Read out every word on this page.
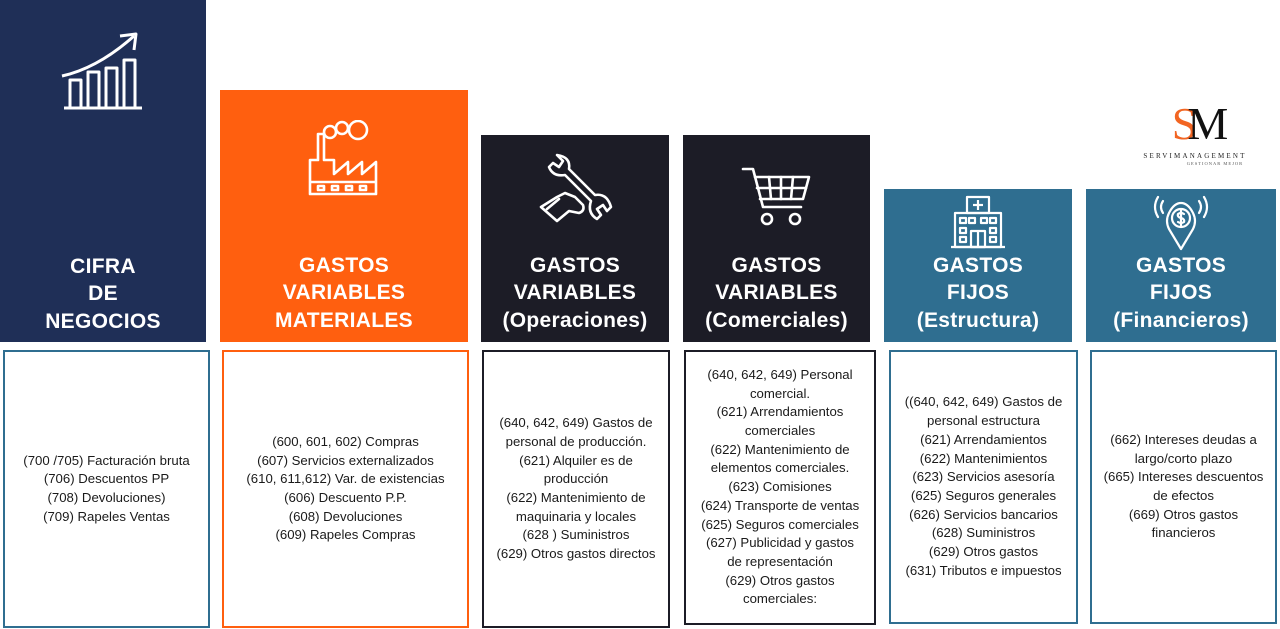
SM
SERVIMANAGEMENT
GESTIONAR MEJOR
CIFRA
DE
NEGOCIOS
(700 /705) Facturación bruta
(706) Descuentos PP
(708) Devoluciones)
(709) Rapeles Ventas
GASTOS
VARIABLES
MATERIALES
(600, 601, 602) Compras
(607) Servicios externalizados
(610, 611,612) Var. de existencias
(606) Descuento P.P.
(608) Devoluciones
(609) Rapeles Compras
GASTOS
VARIABLES
(Operaciones)
(640, 642, 649) Gastos de
personal de producción.
(621) Alquiler es de
producción
(622) Mantenimiento de
maquinaria y locales
(628 ) Suministros
(629) Otros gastos directos
GASTOS
VARIABLES
(Comerciales)
(640, 642, 649) Personal
comercial.
(621) Arrendamientos
comerciales
(622) Mantenimiento de
elementos comerciales.
(623) Comisiones
(624) Transporte de ventas
(625) Seguros comerciales
(627) Publicidad y gastos
de representación
(629) Otros gastos
comerciales:
GASTOS
FIJOS
(Estructura)
((640, 642, 649) Gastos de
personal estructura
(621) Arrendamientos
(622) Mantenimientos
(623) Servicios asesoría
(625) Seguros generales
(626) Servicios bancarios
(628) Suministros
(629) Otros gastos
(631) Tributos e impuestos
GASTOS
FIJOS
(Financieros)
(662) Intereses deudas a
largo/corto plazo
(665) Intereses descuentos
de efectos
(669) Otros gastos
financieros
